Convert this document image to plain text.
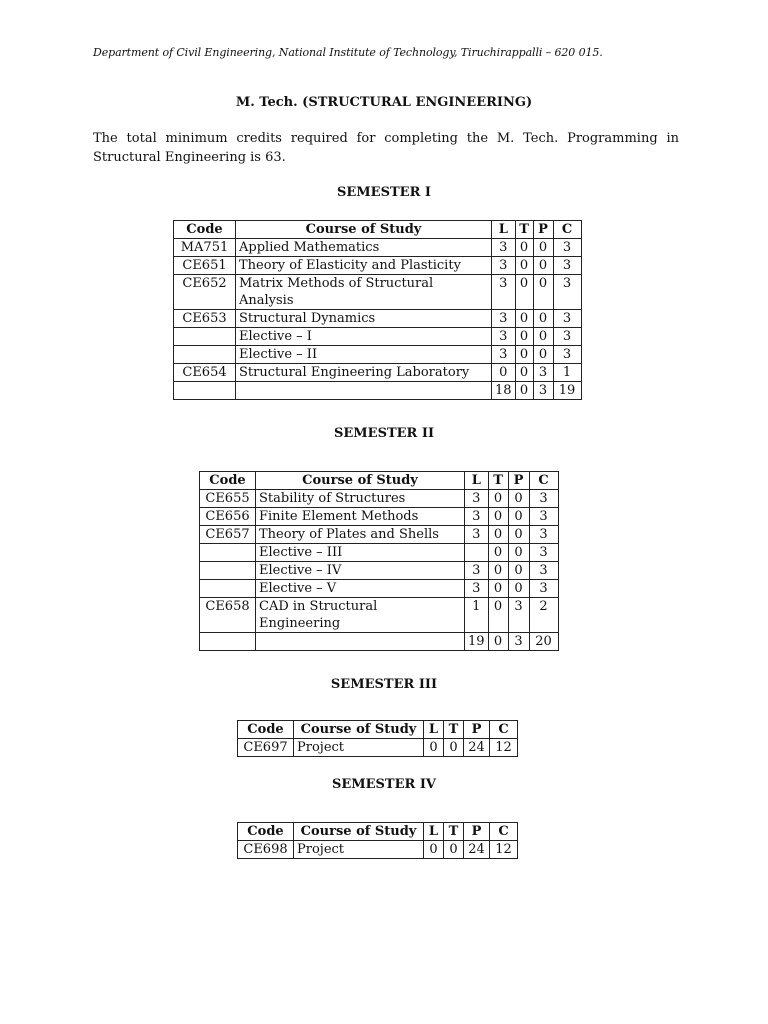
Department of Civil Engineering, National Institute of Technology, Tiruchirappalli – 620 015.
M. Tech. (STRUCTURAL ENGINEERING)
The total minimum credits required for completing the M. Tech. Programming in Structural Engineering is 63.
SEMESTER I
Code	Course of Study	L	T	P	C
MA751	Applied Mathematics	3	0	0	3
CE651	Theory of Elasticity and Plasticity	3	0	0	3
CE652	Matrix Methods of Structural Analysis	3	0	0	3
CE653	Structural Dynamics	3	0	0	3
	Elective – I	3	0	0	3
	Elective – II	3	0	0	3
CE654	Structural Engineering Laboratory	0	0	3	1
		18	0	3	19
SEMESTER II
Code	Course of Study	L	T	P	C
CE655	Stability of Structures	3	0	0	3
CE656	Finite Element Methods	3	0	0	3
CE657	Theory of Plates and Shells	3	0	0	3
	Elective – III		0	0	3
	Elective – IV	3	0	0	3
	Elective – V	3	0	0	3
CE658	CAD in Structural Engineering	1	0	3	2
		19	0	3	20
SEMESTER III
Code	Course of Study	L	T	P	C
CE697	Project	0	0	24	12
SEMESTER IV
Code	Course of Study	L	T	P	C
CE698	Project	0	0	24	12
